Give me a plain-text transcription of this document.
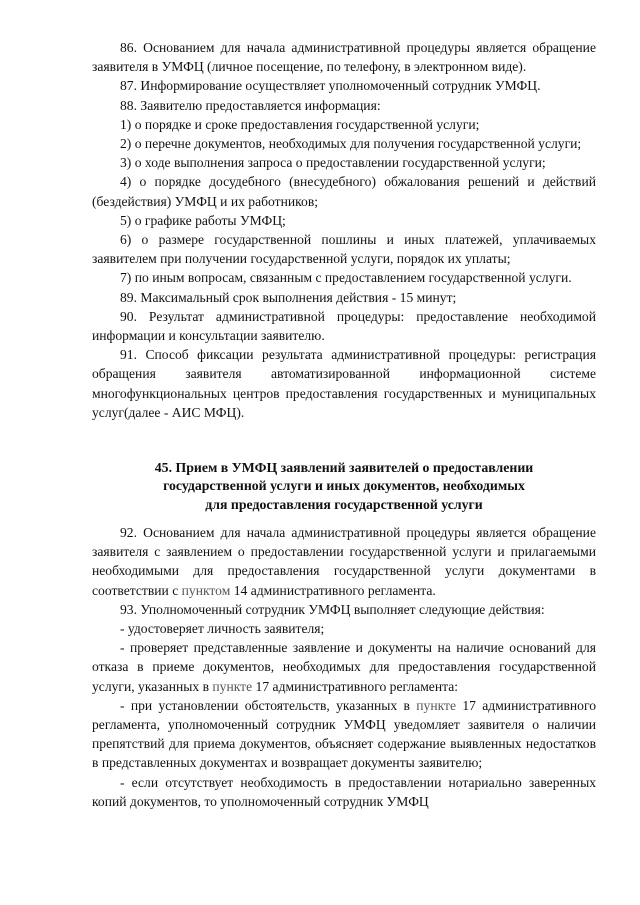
86. Основанием для начала административной процедуры является обращение заявителя в УМФЦ (личное посещение, по телефону, в электронном виде).

87. Информирование осуществляет уполномоченный сотрудник УМФЦ.

88. Заявителю предоставляется информация:

1) о порядке и сроке предоставления государственной услуги;

2) о перечне документов, необходимых для получения государственной услуги;

3) о ходе выполнения запроса о предоставлении государственной услуги;

4) о порядке досудебного (внесудебного) обжалования решений и действий (бездействия) УМФЦ и их работников;

5) о графике работы УМФЦ;

6) о размере государственной пошлины и иных платежей, уплачиваемых заявителем при получении государственной услуги, порядок их уплаты;

7) по иным вопросам, связанным с предоставлением государственной услуги.

89. Максимальный срок выполнения действия - 15 минут;

90. Результат административной процедуры: предоставление необходимой информации и консультации заявителю.

91. Способ фиксации результата административной процедуры: регистрация обращения заявителя автоматизированной информационной системе многофункциональных центров предоставления государственных и муниципальных услуг(далее - АИС МФЦ).

45. Прием в УМФЦ заявлений заявителей о предоставлении

государственной услуги и иных документов, необходимых

для предоставления государственной услуги

92. Основанием для начала административной процедуры является обращение заявителя с заявлением о предоставлении государственной услуги и прилагаемыми необходимыми для предоставления государственной услуги документами в соответствии с пунктом 14 административного регламента.

93. Уполномоченный сотрудник УМФЦ выполняет следующие действия:

- удостоверяет личность заявителя;

- проверяет представленные заявление и документы на наличие оснований для отказа в приеме документов, необходимых для предоставления государственной услуги, указанных в пункте 17 административного регламента:

- при установлении обстоятельств, указанных в пункте 17 административного регламента, уполномоченный сотрудник УМФЦ уведомляет заявителя о наличии препятствий для приема документов, объясняет содержание выявленных недостатков в представленных документах и возвращает документы заявителю;

- если отсутствует необходимость в предоставлении нотариально заверенных копий документов, то уполномоченный сотрудник УМФЦ
